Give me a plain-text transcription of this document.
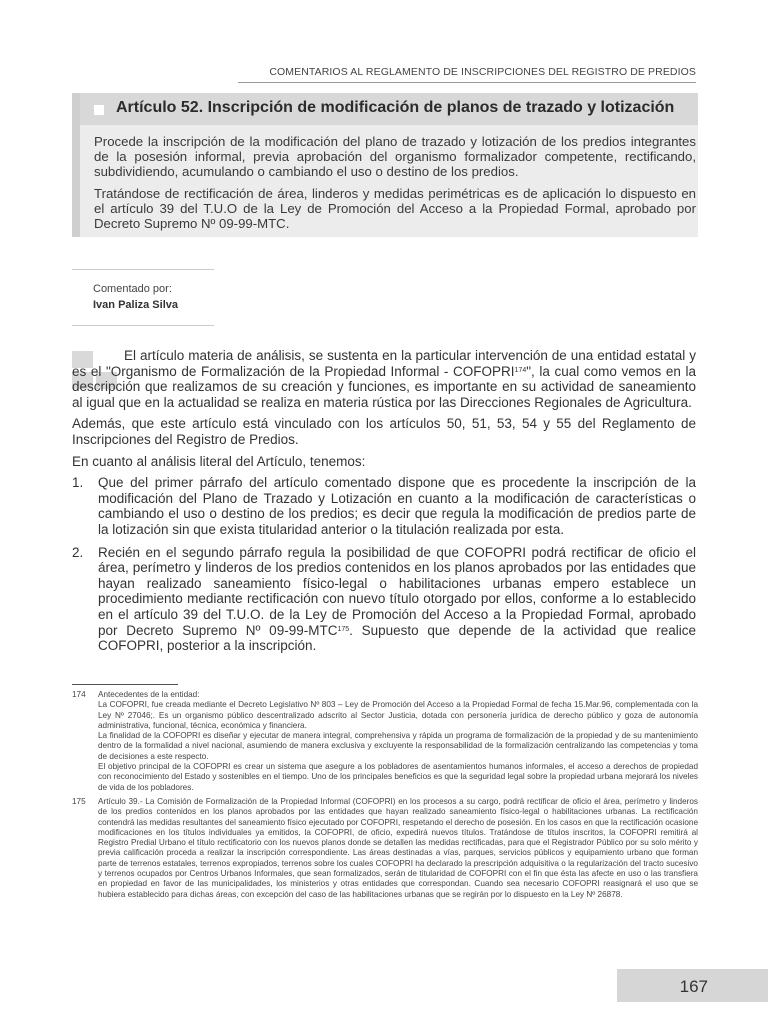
COMENTARIOS AL REGLAMENTO DE INSCRIPCIONES DEL REGISTRO DE PREDIOS
Artículo 52. Inscripción de modificación de planos de trazado y lotización

Procede la inscripción de la modificación del plano de trazado y lotización de los predios integrantes de la posesión informal, previa aprobación del organismo formalizador competente, rectificando, subdividiendo, acumulando o cambiando el uso o destino de los predios.

Tratándose de rectificación de área, linderos y medidas perimétricas es de aplicación lo dispuesto en el artículo 39 del T.U.O de la Ley de Promoción del Acceso a la Propiedad Formal, aprobado por Decreto Supremo Nº 09-99-MTC.

Comentado por:
Ivan Paliza Silva

El artículo materia de análisis, se sustenta en la particular intervención de una entidad estatal y es el "Organismo de Formalización de la Propiedad Informal - COFOPRI$^{174}$", la cual como vemos en la descripción que realizamos de su creación y funciones, es importante en su actividad de saneamiento al igual que en la actualidad se realiza en materia rústica por las Direcciones Regionales de Agricultura.

Además, que este artículo está vinculado con los artículos 50, 51, 53, 54 y 55 del Reglamento de Inscripciones del Registro de Predios.

En cuanto al análisis literal del Artículo, tenemos:

1. Que del primer párrafo del artículo comentado dispone que es procedente la inscripción de la modificación del Plano de Trazado y Lotización en cuanto a la modificación de características o cambiando el uso o destino de los predios; es decir que regula la modificación de predios parte de la lotización sin que exista titularidad anterior o la titulación realizada por esta.
2. Recién en el segundo párrafo regula la posibilidad de que COFOPRI podrá rectificar de oficio el área, perímetro y linderos de los predios contenidos en los planos aprobados por las entidades que hayan realizado saneamiento físico-legal o habilitaciones urbanas empero establece un procedimiento mediante rectificación con nuevo título otorgado por ellos, conforme a lo establecido en el artículo 39 del T.U.O. de la Ley de Promoción del Acceso a la Propiedad Formal, aprobado por Decreto Supremo Nº 09-99-MTC$^{175}$. Supuesto que depende de la actividad que realice COFOPRI, posterior a la inscripción.
174 Antecedentes de la entidad:

La COFOPRI, fue creada mediante el Decreto Legislativo Nº 803 – Ley de Promoción del Acceso a la Propiedad Formal de fecha 15.Mar.96, complementada con la Ley Nº 27046;. Es un organismo público descentralizado adscrito al Sector Justicia, dotada con personería jurídica de derecho público y goza de autonomía administrativa, funcional, técnica, económica y financiera.

La finalidad de la COFOPRI es diseñar y ejecutar de manera integral, comprehensiva y rápida un programa de formalización de la propiedad y de su mantenimiento dentro de la formalidad a nivel nacional, asumiendo de manera exclusiva y excluyente la responsabilidad de la formalización centralizando las competencias y toma de decisiones a este respecto.

El objetivo principal de la COFOPRI es crear un sistema que asegure a los pobladores de asentamientos humanos informales, el acceso a derechos de propiedad con reconocimiento del Estado y sostenibles en el tiempo. Uno de los principales beneficios es que la seguridad legal sobre la propiedad urbana mejorará los niveles de vida de los pobladores.

175 Artículo 39.- La Comisión de Formalización de la Propiedad Informal (COFOPRI) en los procesos a su cargo, podrá rectificar de oficio el área, perímetro y linderos de los predios contenidos en los planos aprobados por las entidades que hayan realizado saneamiento físico-legal o habilitaciones urbanas. La rectificación contendrá las medidas resultantes del saneamiento físico ejecutado por COFOPRI, respetando el derecho de posesión. En los casos en que la rectificación ocasione modificaciones en los títulos individuales ya emitidos, la COFOPRI, de oficio, expedirá nuevos títulos. Tratándose de títulos inscritos, la COFOPRI remitirá al Registro Predial Urbano el título rectificatorio con los nuevos planos donde se detallen las medidas rectificadas, para que el Registrador Público por su solo mérito y previa calificación proceda a realizar la inscripción correspondiente. Las áreas destinadas a vías, parques, servicios públicos y equipamiento urbano que forman parte de terrenos estatales, terrenos expropiados, terrenos sobre los cuales COFOPRI ha declarado la prescripción adquisitiva o la regularización del tracto sucesivo y terrenos ocupados por Centros Urbanos Informales, que sean formalizados, serán de titularidad de COFOPRI con el fin que ésta las afecte en uso o las transfiera en propiedad en favor de las municipalidades, los ministerios y otras entidades que correspondan. Cuando sea necesario COFOPRI reasignará el uso que se hubiera establecido para dichas áreas, con excepción del caso de las habilitaciones urbanas que se regirán por lo dispuesto en la Ley Nº 26878.

167
